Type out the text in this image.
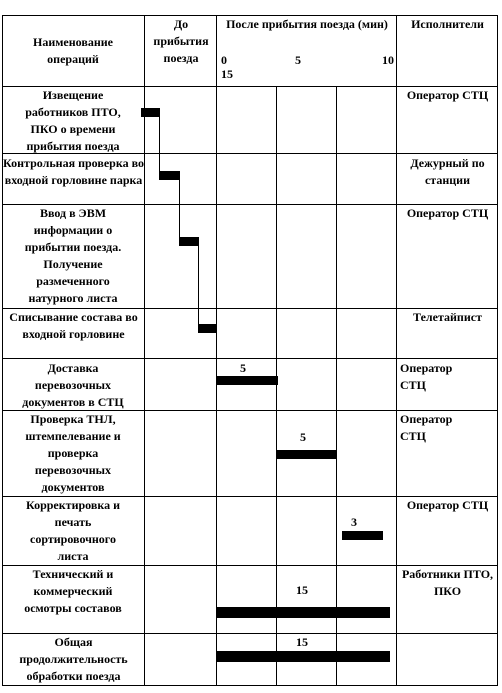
Наименование операций
До прибытия поезда
После прибытия поезда (мин)
0	5	10
15
Исполнители
Извещение работников ПТО, ПКО о времени прибытия поезда
Оператор СТЦ
Контрольная проверка во входной горловине парка
Дежурный по станции
Ввод в ЭВМ информации о прибытии поезда. Получение размеченного натурного листа
Оператор СТЦ
Списывание состава во входной горловине
Телетайпист
Доставка перевозочных документов в СТЦ
Оператор СТЦ
5
Проверка ТНЛ, штемпелевание и проверка перевозочных документов
Оператор СТЦ
5
Корректировка и печать сортировочного листа
Оператор СТЦ
3
Технический и коммерческий осмотры составов
Работники ПТО, ПКО
15
Общая продолжительность обработки поезда
15
